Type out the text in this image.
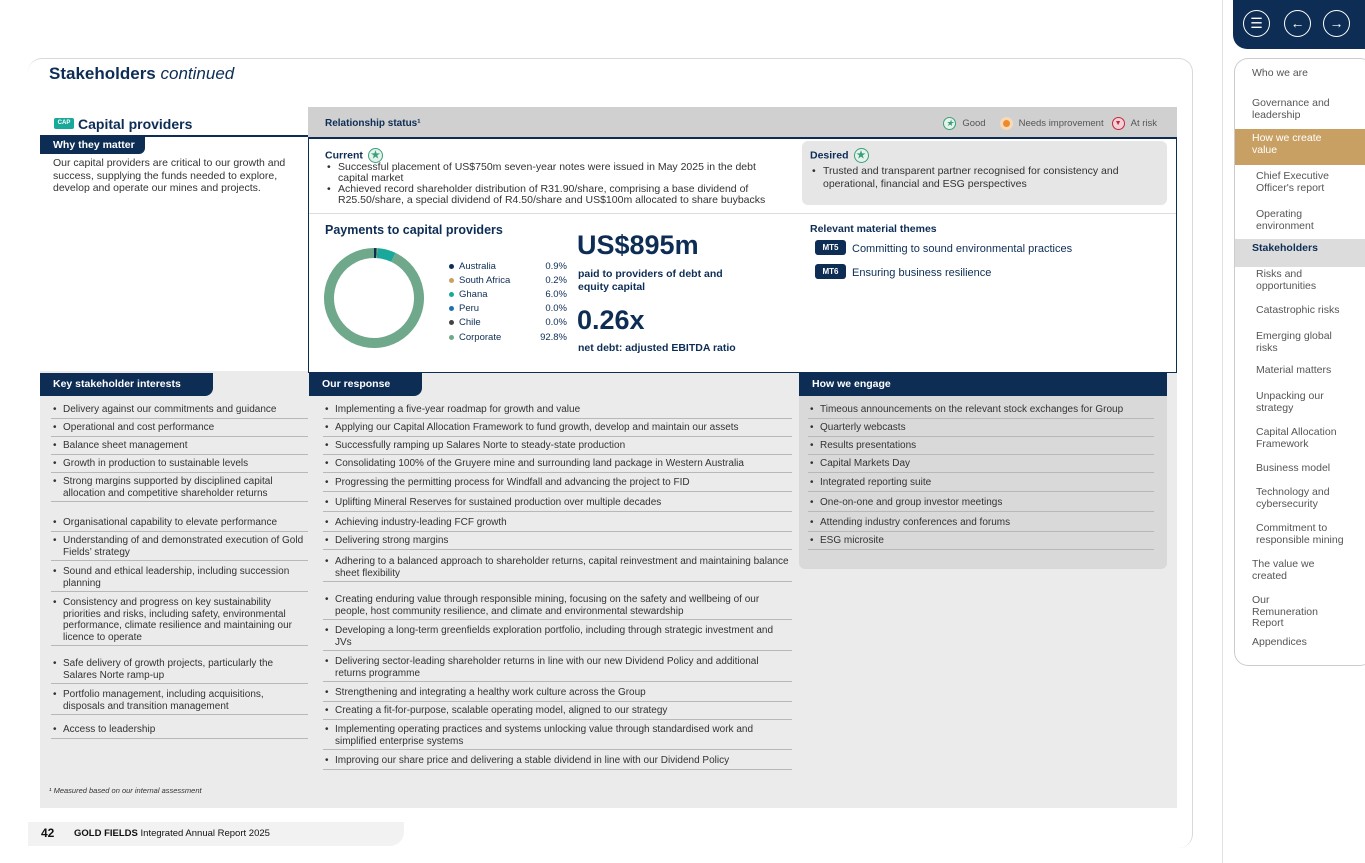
Stakeholders continued
CAP Capital providers
Why they matter
Our capital providers are critical to our growth and success, supplying the funds needed to explore, develop and operate our mines and projects.
Relationship status¹	★ Good	Needs improvement	▼ At risk
Current ★
• Successful placement of US$750m seven-year notes were issued in May 2025 in the debt capital market
• Achieved record shareholder distribution of R31.90/share, comprising a base dividend of R25.50/share, a special dividend of R4.50/share and US$100m allocated to share buybacks
Desired ★
• Trusted and transparent partner recognised for consistency and operational, financial and ESG perspectives
Payments to capital providers
Australia	0.9%
South Africa	0.2%
Ghana	6.0%
Peru	0.0%
Chile	0.0%
Corporate	92.8%
US$895m
paid to providers of debt and equity capital
0.26x
net debt: adjusted EBITDA ratio
Relevant material themes
MT5	Committing to sound environmental practices
MT6	Ensuring business resilience
Key stakeholder interests	Our response	How we engage
• Delivery against our commitments and guidance
• Operational and cost performance
• Balance sheet management
• Growth in production to sustainable levels
• Strong margins supported by disciplined capital allocation and competitive shareholder returns
• Organisational capability to elevate performance
• Understanding of and demonstrated execution of Gold Fields’ strategy
• Sound and ethical leadership, including succession planning
• Consistency and progress on key sustainability priorities and risks, including safety, environmental performance, climate resilience and maintaining our licence to operate
• Safe delivery of growth projects, particularly the Salares Norte ramp-up
• Portfolio management, including acquisitions, disposals and transition management
• Access to leadership
• Implementing a five-year roadmap for growth and value
• Applying our Capital Allocation Framework to fund growth, develop and maintain our assets
• Successfully ramping up Salares Norte to steady-state production
• Consolidating 100% of the Gruyere mine and surrounding land package in Western Australia
• Progressing the permitting process for Windfall and advancing the project to FID
• Uplifting Mineral Reserves for sustained production over multiple decades
• Achieving industry-leading FCF growth
• Delivering strong margins
• Adhering to a balanced approach to shareholder returns, capital reinvestment and maintaining balance sheet flexibility
• Creating enduring value through responsible mining, focusing on the safety and wellbeing of our people, host community resilience, and climate and environmental stewardship
• Developing a long-term greenfields exploration portfolio, including through strategic investment and JVs
• Delivering sector-leading shareholder returns in line with our new Dividend Policy and additional returns programme
• Strengthening and integrating a healthy work culture across the Group
• Creating a fit-for-purpose, scalable operating model, aligned to our strategy
• Implementing operating practices and systems unlocking value through standardised work and simplified enterprise systems
• Improving our share price and delivering a stable dividend in line with our Dividend Policy
• Timeous announcements on the relevant stock exchanges for Group
• Quarterly webcasts
• Results presentations
• Capital Markets Day
• Integrated reporting suite
• One-on-one and group investor meetings
• Attending industry conferences and forums
• ESG microsite
¹ Measured based on our internal assessment
42 GOLD FIELDS Integrated Annual Report 2025
☰	←	→
Who we are
Governance and leadership
How we create value
Chief Executive Officer's report
Operating environment
Stakeholders
Risks and opportunities
Catastrophic risks
Emerging global risks
Material matters
Unpacking our strategy
Capital Allocation Framework
Business model
Technology and cybersecurity
Commitment to responsible mining
The value we created
Our Remuneration Report
Appendices
